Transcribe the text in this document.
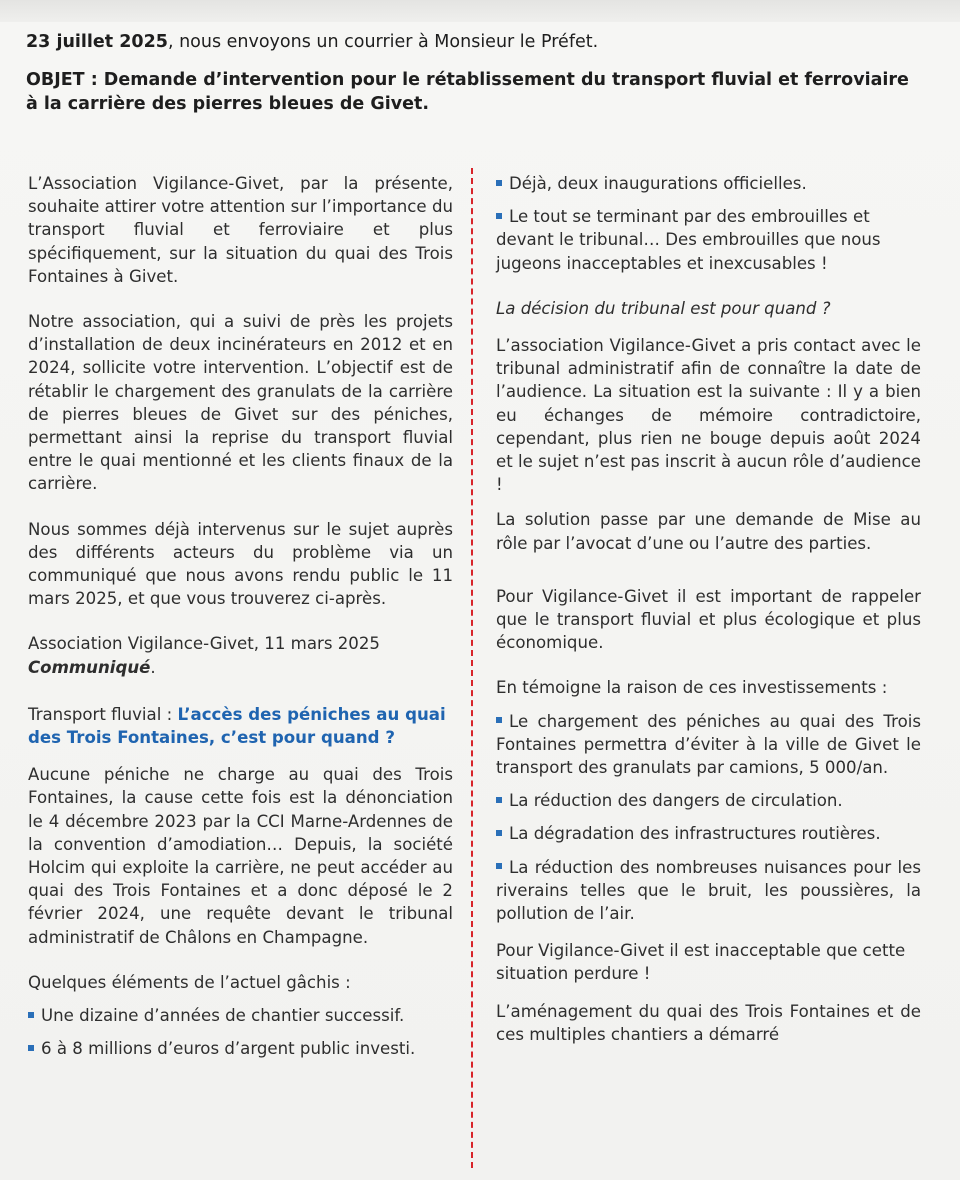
23 juillet 2025, nous envoyons un courrier à Monsieur le Préfet.
OBJET : Demande d’intervention pour le rétablissement du transport fluvial et ferroviaire à la carrière des pierres bleues de Givet.

L’Association Vigilance-Givet, par la présente, souhaite attirer votre attention sur l’importance du transport fluvial et ferroviaire et plus spécifiquement, sur la situation du quai des Trois Fontaines à Givet.

Notre association, qui a suivi de près les projets d’installation de deux incinérateurs en 2012 et en 2024, sollicite votre intervention. L’objectif est de rétablir le chargement des granulats de la carrière de pierres bleues de Givet sur des péniches, permettant ainsi la reprise du transport fluvial entre le quai mentionné et les clients finaux de la carrière.

Nous sommes déjà intervenus sur le sujet auprès des différents acteurs du problème via un communiqué que nous avons rendu public le 11 mars 2025, et que vous trouverez ci-après.

Association Vigilance-Givet, 11 mars 2025
Communiqué.

Transport fluvial : L’accès des péniches au quai des Trois Fontaines, c’est pour quand ?

Aucune péniche ne charge au quai des Trois Fontaines, la cause cette fois est la dénonciation le 4 décembre 2023 par la CCI Marne-Ardennes de la convention d’amodiation… Depuis, la société Holcim qui exploite la carrière, ne peut accéder au quai des Trois Fontaines et a donc déposé le 2 février 2024, une requête devant le tribunal administratif de Châlons en Champagne.

Quelques éléments de l’actuel gâchis :

Une dizaine d’années de chantier successif.
6 à 8 millions d’euros d’argent public investi.
Déjà, deux inaugurations officielles.
Le tout se terminant par des embrouilles et devant le tribunal… Des embrouilles que nous jugeons inacceptables et inexcusables !

La décision du tribunal est pour quand ?

L’association Vigilance-Givet a pris contact avec le tribunal administratif afin de connaître la date de l’audience. La situation est la suivante : Il y a bien eu échanges de mémoire contradictoire, cependant, plus rien ne bouge depuis août 2024 et le sujet n’est pas inscrit à aucun rôle d’audience !

La solution passe par une demande de Mise au rôle par l’avocat d’une ou l’autre des parties.

Pour Vigilance-Givet il est important de rappeler que le transport fluvial et plus écologique et plus économique.

En témoigne la raison de ces investissements :

Le chargement des péniches au quai des Trois Fontaines permettra d’éviter à la ville de Givet le transport des granulats par camions, 5 000/an.
La réduction des dangers de circulation.
La dégradation des infrastructures routières.
La réduction des nombreuses nuisances pour les riverains telles que le bruit, les poussières, la pollution de l’air.

Pour Vigilance-Givet il est inacceptable que cette situation perdure !

L’aménagement du quai des Trois Fontaines et de ces multiples chantiers a démarré
